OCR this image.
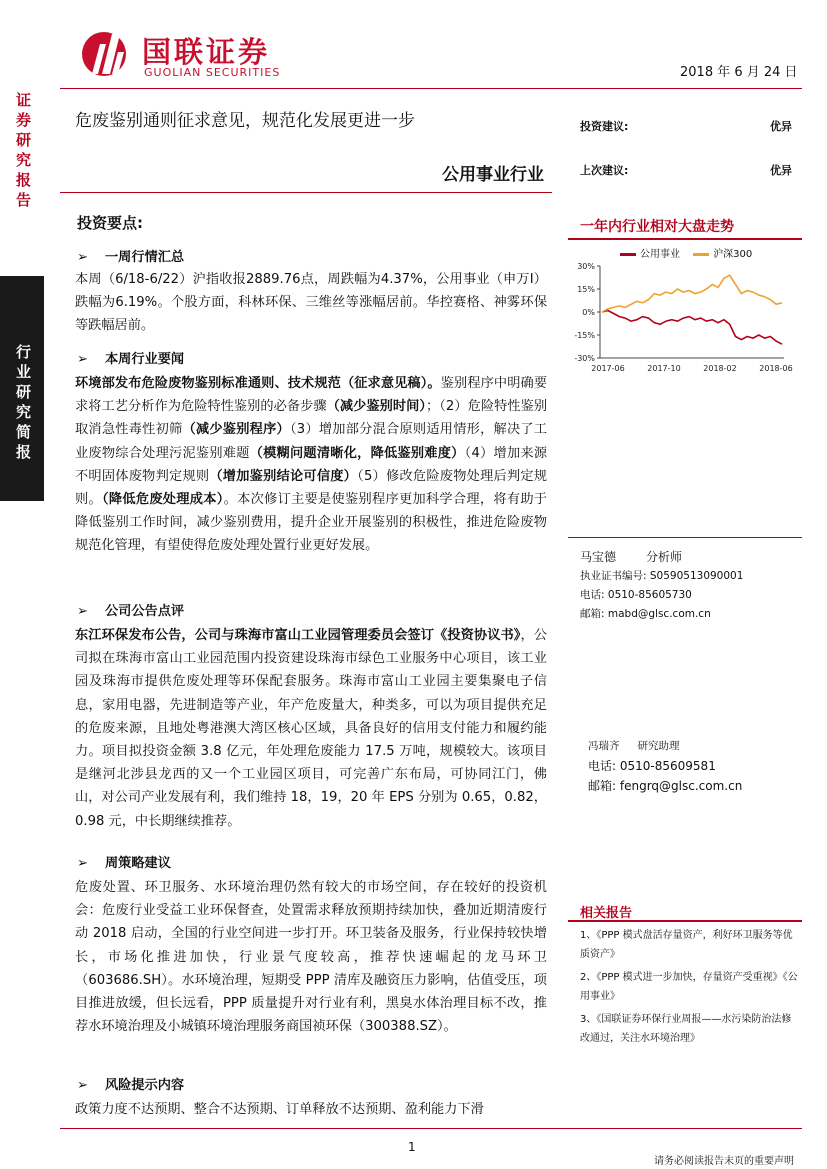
国联证券
GUOLIAN SECURITIES	2018 年 6 月 24 日
证券研究报告
行业研究简报
危废鉴别通则征求意见，规范化发展更进一步
公用事业行业
投资建议:	优异
上次建议:	优异
投资要点:
➢ 一周行情汇总
本周（6/18-6/22）沪指收报2889.76点，周跌幅为4.37%，公用事业（申万Ⅰ）跌幅为6.19%。个股方面，科林环保、三维丝等涨幅居前。华控赛格、神雾环保等跌幅居前。
➢ 本周行业要闻
环境部发布危险废物鉴别标准通则、技术规范（征求意见稿）。鉴别程序中明确要求将工艺分析作为危险特性鉴别的必备步骤（减少鉴别时间）；（2）危险特性鉴别取消急性毒性初筛（减少鉴别程序）（3）增加部分混合原则适用情形，解决了工业废物综合处理污泥鉴别难题（模糊问题清晰化，降低鉴别难度）（4）增加来源不明固体废物判定规则（增加鉴别结论可信度）（5）修改危险废物处理后判定规则。（降低危废处理成本）。本次修订主要是使鉴别程序更加科学合理，将有助于降低鉴别工作时间，减少鉴别费用，提升企业开展鉴别的积极性，推进危险废物规范化管理，有望使得危废处理处置行业更好发展。
➢ 公司公告点评
东江环保发布公告，公司与珠海市富山工业园管理委员会签订《投资协议书》，公司拟在珠海市富山工业园范围内投资建设珠海市绿色工业服务中心项目，该工业园及珠海市提供危废处理等环保配套服务。珠海市富山工业园主要集聚电子信息，家用电器，先进制造等产业，年产危废量大，种类多，可以为项目提供充足的危废来源，且地处粤港澳大湾区核心区域，具备良好的信用支付能力和履约能力。项目拟投资金额 3.8 亿元，年处理危废能力 17.5 万吨，规模较大。该项目是继河北涉县龙西的又一个工业园区项目，可完善广东布局，可协同江门，佛山，对公司产业发展有利，我们维持 18，19，20 年 EPS 分别为 0.65，0.82，0.98 元，中长期继续推荐。
➢ 周策略建议
危废处置、环卫服务、水环境治理仍然有较大的市场空间，存在较好的投资机会：危废行业受益工业环保督查，处置需求释放预期持续加快，叠加近期清废行动 2018 启动，全国的行业空间进一步打开。环卫装备及服务，行业保持较快增长，市场化推进加快，行业景气度较高，推荐快速崛起的龙马环卫（603686.SH）。水环境治理，短期受 PPP 清库及融资压力影响，估值受压，项目推进放缓，但长远看，PPP 质量提升对行业有利，黑臭水体治理目标不改，推荐水环境治理及小城镇环境治理服务商国祯环保（300388.SZ）。
➢ 风险提示内容
政策力度不达预期、整合不达预期、订单释放不达预期、盈利能力下滑
一年内行业相对大盘走势
公用事业	沪深300
30%
15%
0%
-15%
-30%
2017-06	2017-10	2018-02	2018-06
马宝德	分析师
执业证书编号: S0590513090001
电话: 0510-85605730
邮箱: mabd@glsc.com.cn
冯瑞齐 研究助理
电话: 0510-85609581
邮箱: fengrq@glsc.com.cn
相关报告
1、《PPP 模式盘活存量资产，利好环卫服务等优质资产》
2、《PPP 模式进一步加快，存量资产受重视》《公用事业》
3、《国联证券环保行业周报——水污染防治法修改通过，关注水环境治理》
1
请务必阅读报告末页的重要声明
